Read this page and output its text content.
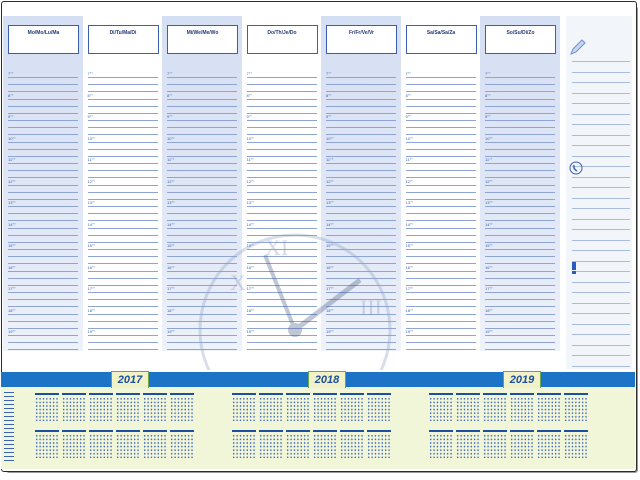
Mo/Mo/Lu/Ma
7°°
8°°
9°°
10°°
11°°
12°°
13°°
14°°
15°°
16°°
17°°
18°°
19°°
Di/Tu/Ma/Di
7°°
8°°
9°°
10°°
11°°
12°°
13°°
14°°
15°°
16°°
17°°
18°°
19°°
Mi/We/Me/Wo
7°°
8°°
9°°
10°°
11°°
12°°
13°°
14°°
15°°
16°°
17°°
18°°
19°°
Do/Th/Je/Do
7°°
8°°
9°°
10°°
11°°
12°°
13°°
14°°
15°°
16°°
17°°
18°°
19°°
Fr/Fr/Ve/Vr
7°°
8°°
9°°
10°°
11°°
12°°
13°°
14°°
15°°
16°°
17°°
18°°
19°°
Sa/Sa/Sa/Za
7°°
8°°
9°°
10°°
11°°
12°°
13°°
14°°
15°°
16°°
17°°
18°°
19°°
So/Su/Di/Zo
7°°
8°°
9°°
10°°
11°°
12°°
13°°
14°°
15°°
16°°
17°°
18°°
19°°
X
XI
III
2017	2018	2019
